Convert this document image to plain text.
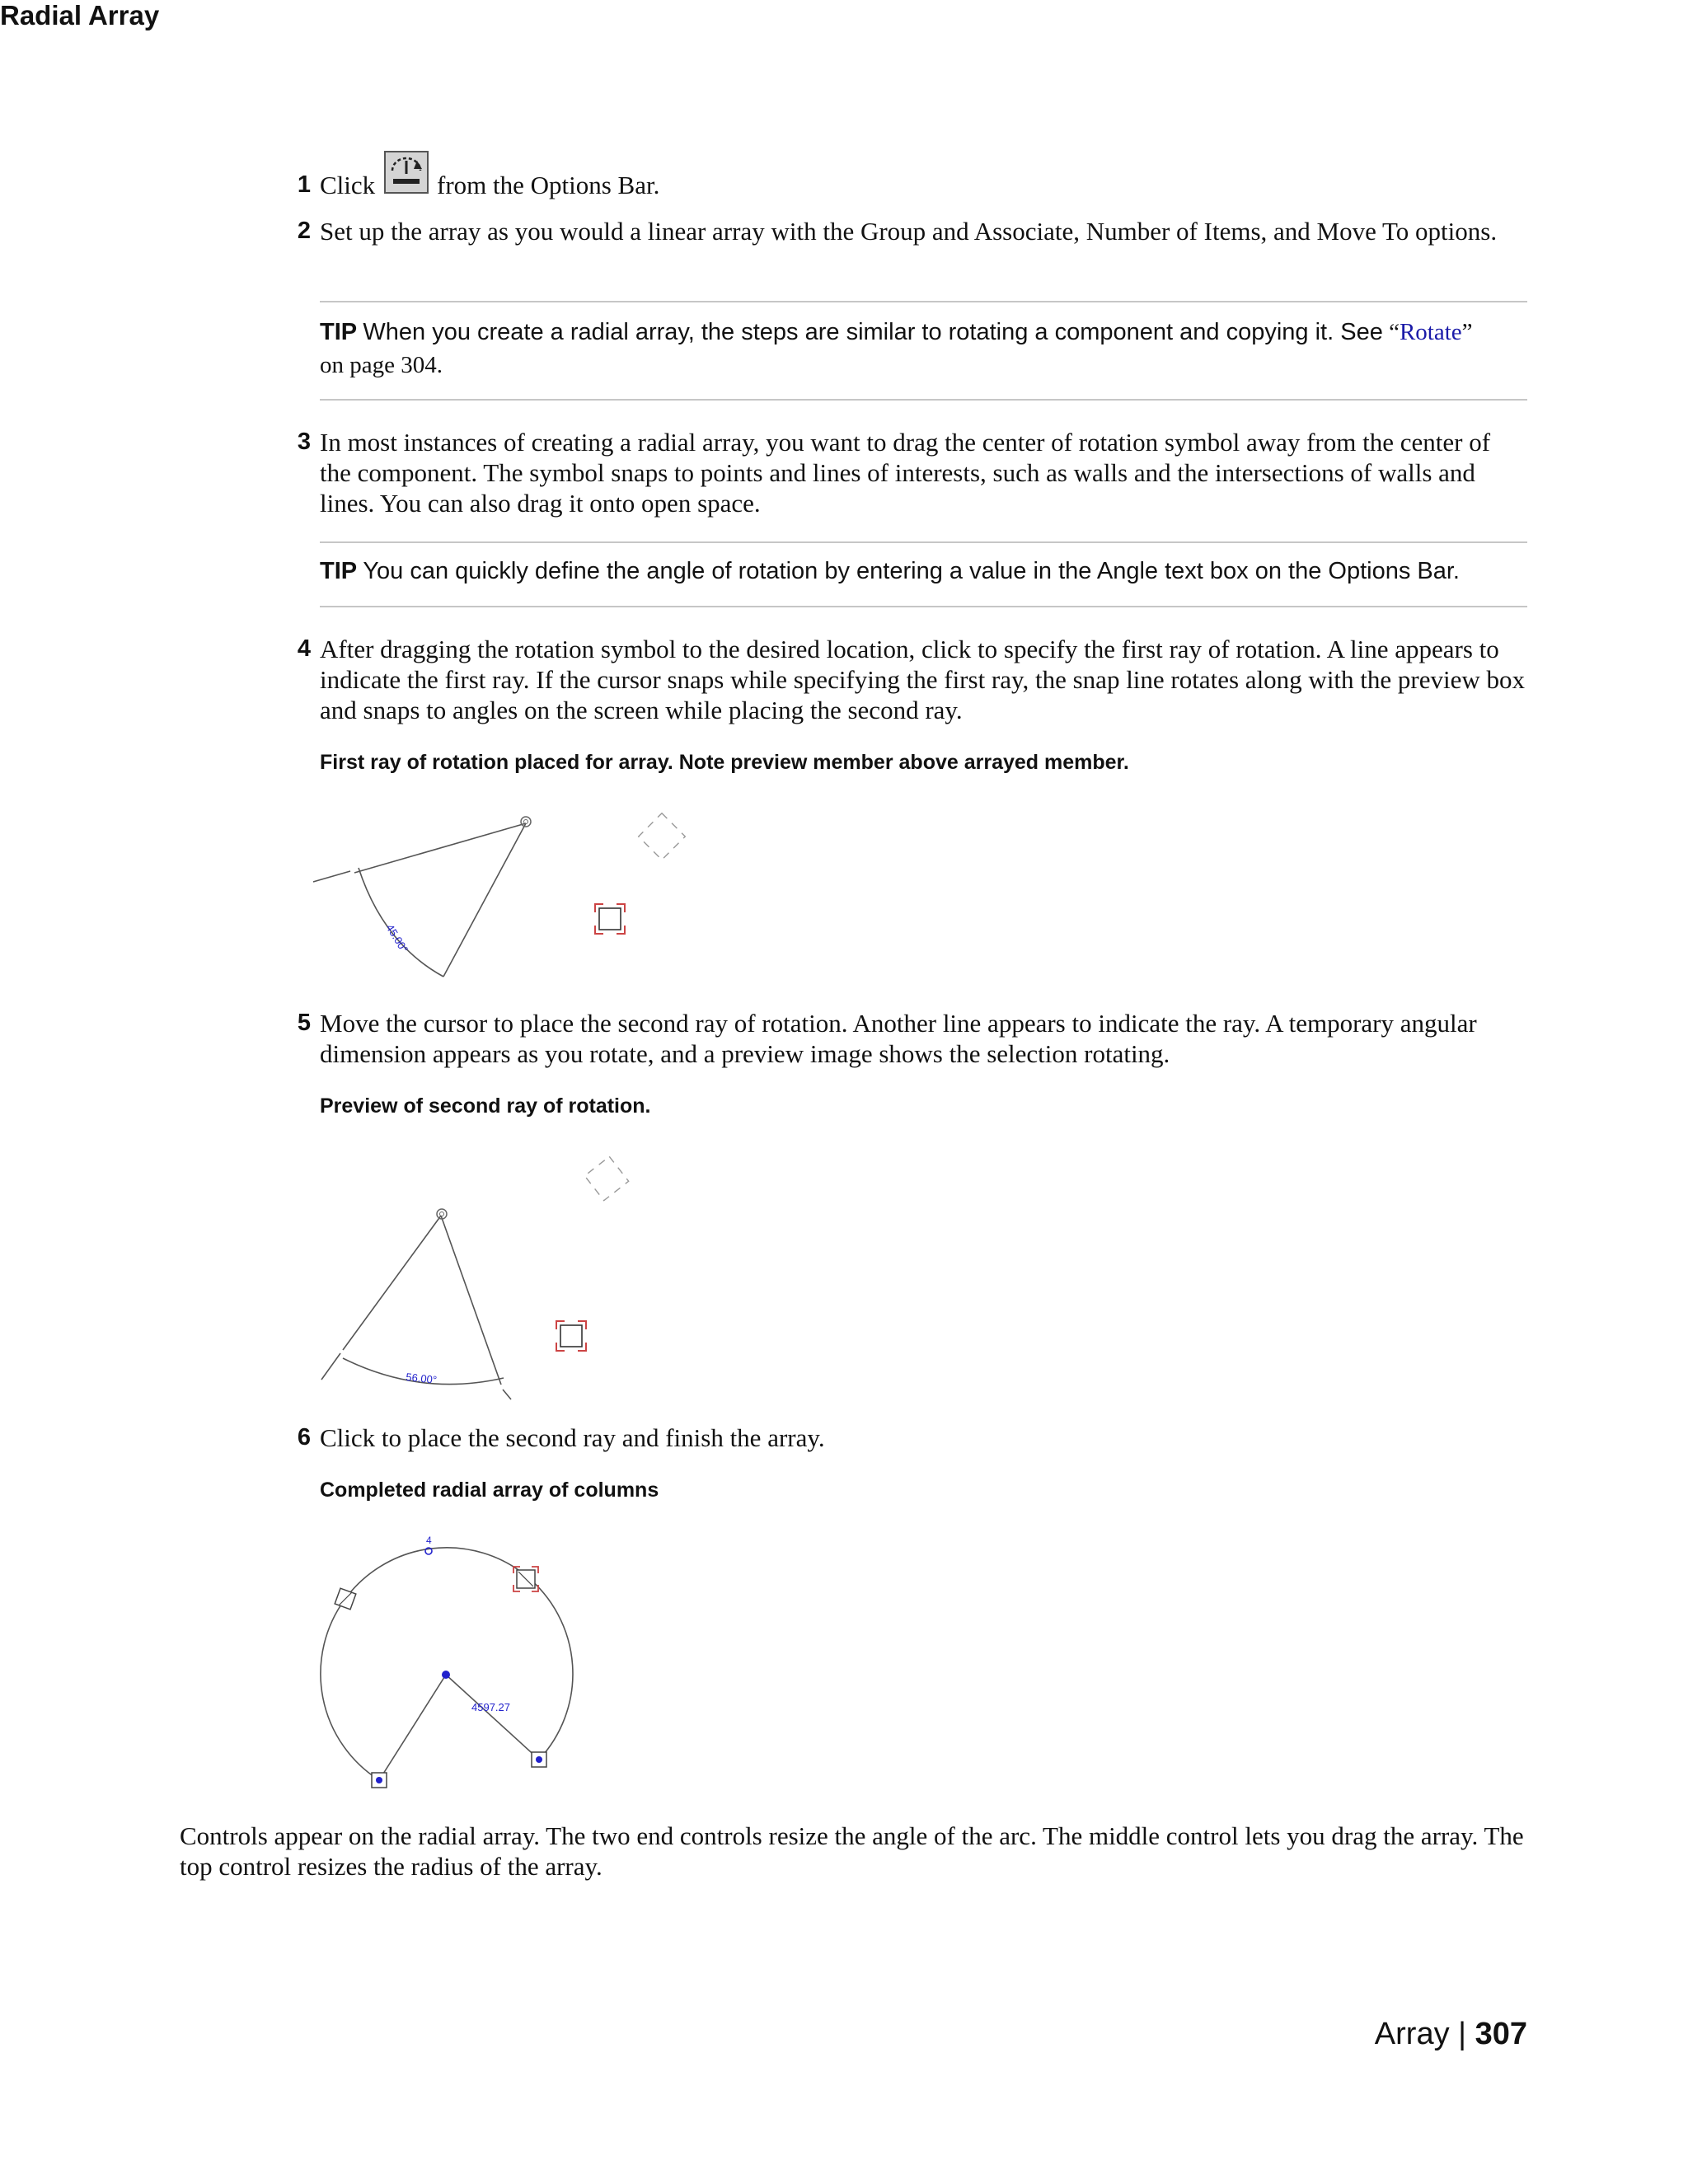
Radial Array
1 Click	from the Options Bar.
2 Set up the array as you would a linear array with the Group and Associate, Number of Items, and Move To options.
TIP When you create a radial array, the steps are similar to rotating a component and copying it. See “Rotate”
on page 304.
3 In most instances of creating a radial array, you want to drag the center of rotation symbol away from the center of the component. The symbol snaps to points and lines of interests, such as walls and the intersections of walls and lines. You can also drag it onto open space.
TIP You can quickly define the angle of rotation by entering a value in the Angle text box on the Options Bar.
4 After dragging the rotation symbol to the desired location, click to specify the first ray of rotation. A line appears to indicate the first ray. If the cursor snaps while specifying the first ray, the snap line rotates along with the preview box and snaps to angles on the screen while placing the second ray.
First ray of rotation placed for array. Note preview member above arrayed member.
45.00°
5 Move the cursor to place the second ray of rotation. Another line appears to indicate the ray. A temporary angular dimension appears as you rotate, and a preview image shows the selection rotating.
Preview of second ray of rotation.
56.00°
6 Click to place the second ray and finish the array.
Completed radial array of columns
4
4597.27
Controls appear on the radial array. The two end controls resize the angle of the arc. The middle control lets you drag the array. The top control resizes the radius of the array.
Array | 307
